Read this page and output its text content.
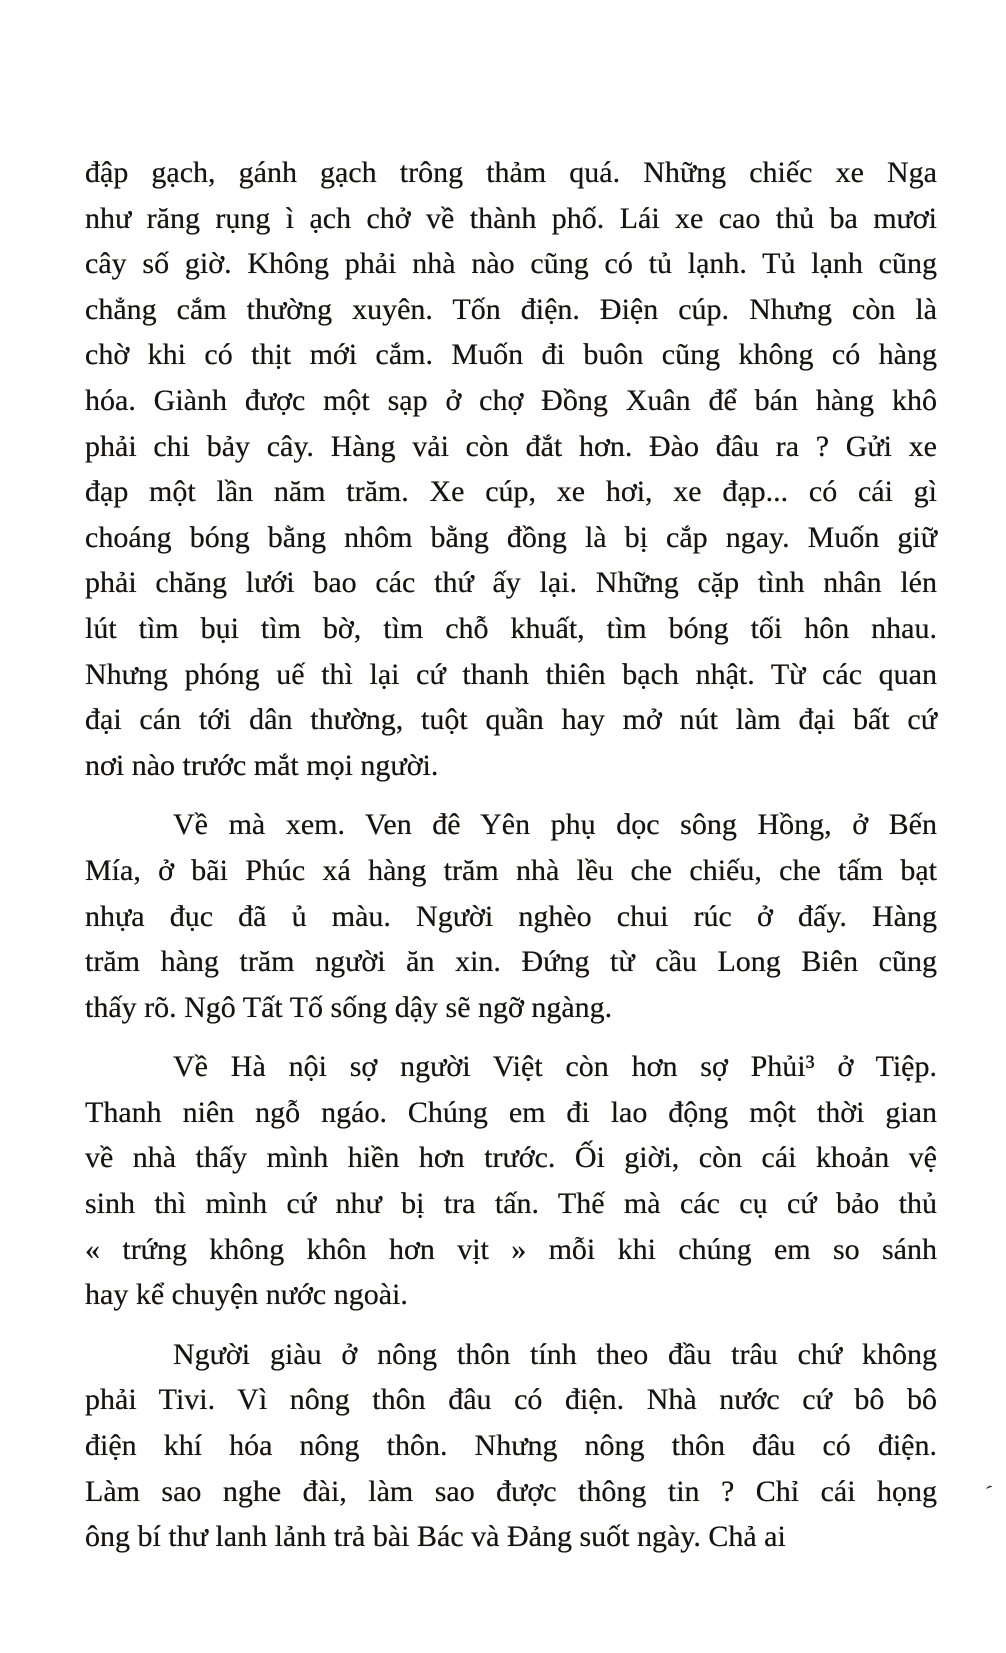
đập gạch, gánh gạch trông thảm quá. Những chiếc xe Nga
như răng rụng ì ạch chở về thành phố. Lái xe cao thủ ba mươi
cây số giờ. Không phải nhà nào cũng có tủ lạnh. Tủ lạnh cũng
chẳng cắm thường xuyên. Tốn điện. Điện cúp. Nhưng còn là
chờ khi có thịt mới cắm. Muốn đi buôn cũng không có hàng
hóa. Giành được một sạp ở chợ Đồng Xuân để bán hàng khô
phải chi bảy cây. Hàng vải còn đắt hơn. Đào đâu ra ? Gửi xe
đạp một lần năm trăm. Xe cúp, xe hơi, xe đạp... có cái gì
choáng bóng bằng nhôm bằng đồng là bị cắp ngay. Muốn giữ
phải chăng lưới bao các thứ ấy lại. Những cặp tình nhân lén
lút tìm bụi tìm bờ, tìm chỗ khuất, tìm bóng tối hôn nhau.
Nhưng phóng uế thì lại cứ thanh thiên bạch nhật. Từ các quan
đại cán tới dân thường, tuột quần hay mở nút làm đại bất cứ
nơi nào trước mắt mọi người.
Về mà xem. Ven đê Yên phụ dọc sông Hồng, ở Bến
Mía, ở bãi Phúc xá hàng trăm nhà lều che chiếu, che tấm bạt
nhựa đục đã ủ màu. Người nghèo chui rúc ở đấy. Hàng
trăm hàng trăm người ăn xin. Đứng từ cầu Long Biên cũng
thấy rõ. Ngô Tất Tố sống dậy sẽ ngỡ ngàng.
Về Hà nội sợ người Việt còn hơn sợ Phủi³ ở Tiệp.
Thanh niên ngỗ ngáo. Chúng em đi lao động một thời gian
về nhà thấy mình hiền hơn trước. Ối giời, còn cái khoản vệ
sinh thì mình cứ như bị tra tấn. Thế mà các cụ cứ bảo thủ
« trứng không khôn hơn vịt » mỗi khi chúng em so sánh
hay kể chuyện nước ngoài.
Người giàu ở nông thôn tính theo đầu trâu chứ không
phải Tivi. Vì nông thôn đâu có điện. Nhà nước cứ bô bô
điện khí hóa nông thôn. Nhưng nông thôn đâu có điện.
Làm sao nghe đài, làm sao được thông tin ? Chỉ cái họng
ông bí thư lanh lảnh trả bài Bác và Đảng suốt ngày. Chả ai
ˊ
